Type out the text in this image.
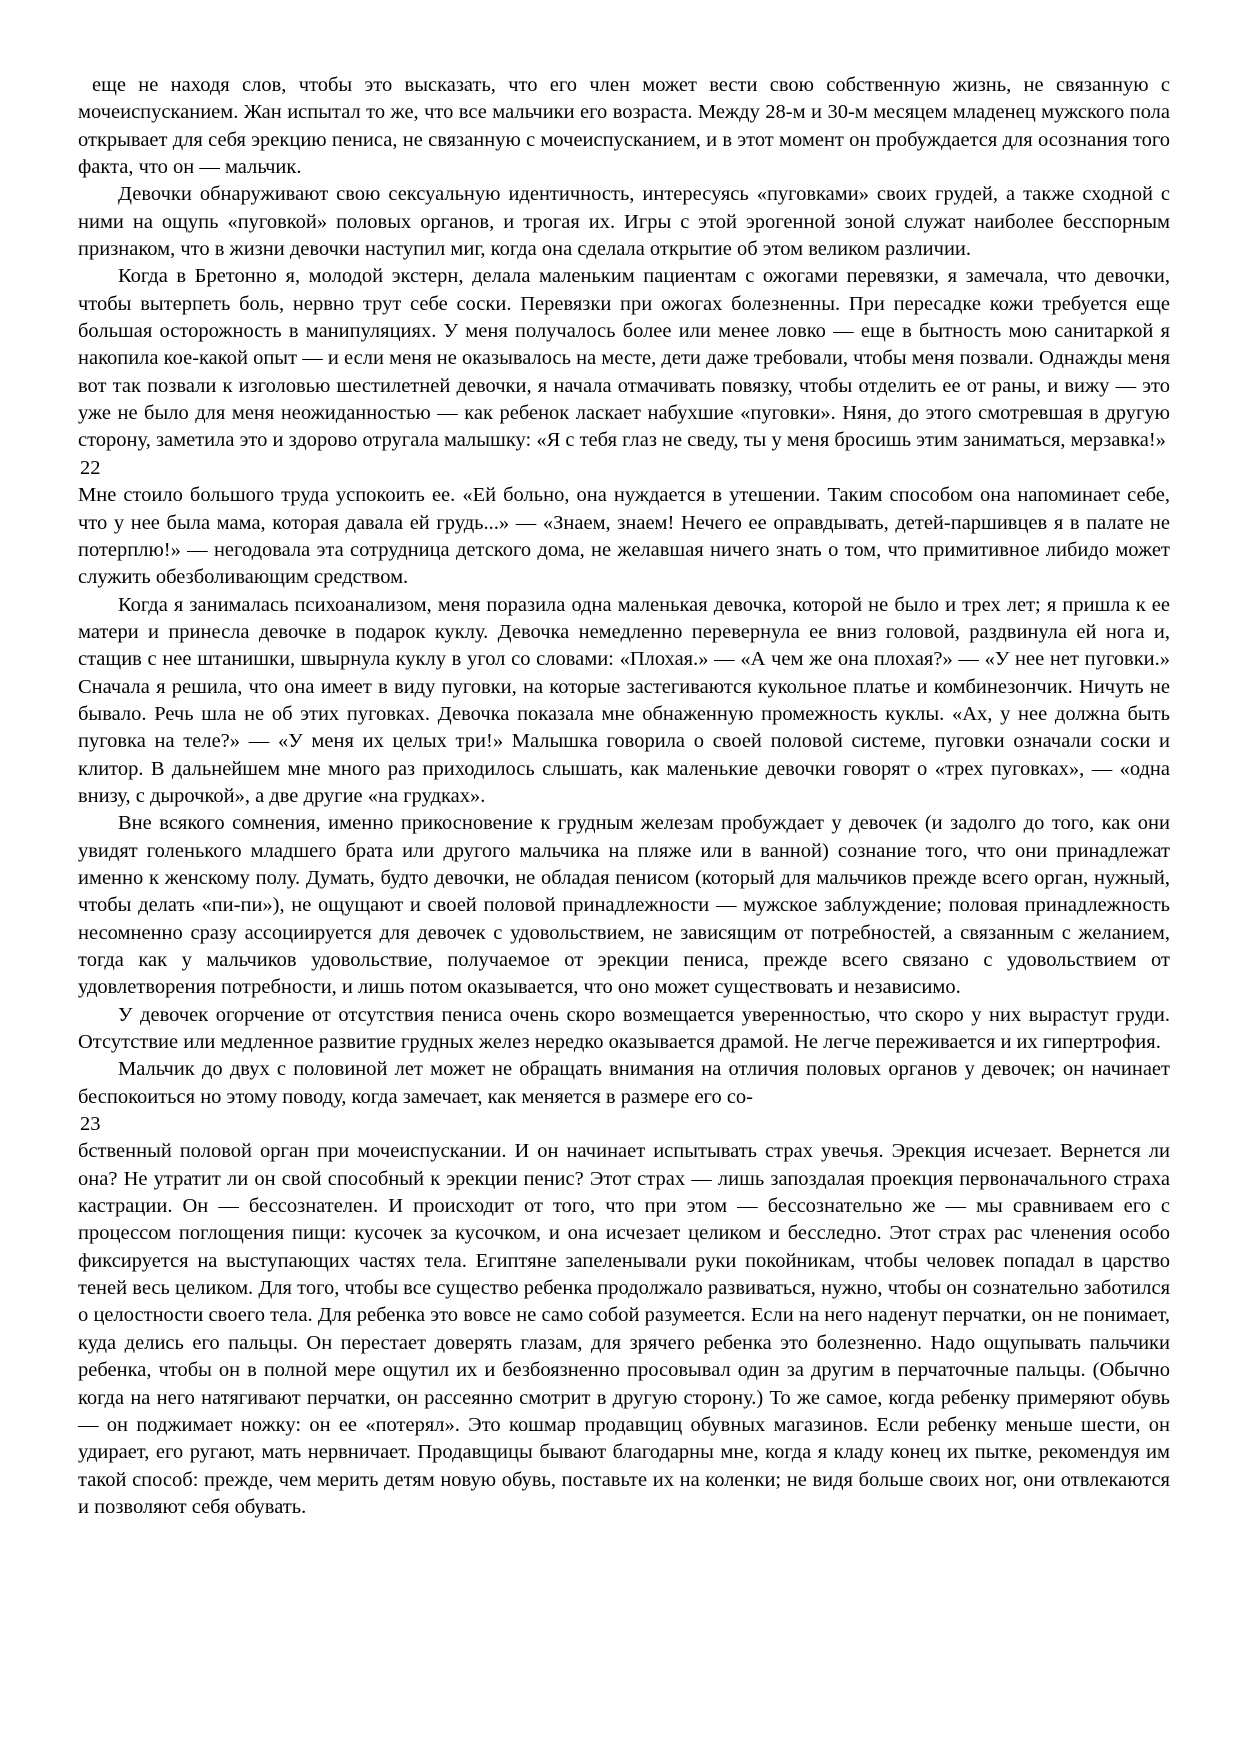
еще не находя слов, чтобы это высказать, что его член может вести свою собственную жизнь, не связанную с мочеиспусканием. Жан испытал то же, что все мальчики его возраста. Между 28-м и 30-м месяцем младенец мужского пола открывает для себя эрекцию пениса, не связанную с мочеиспусканием, и в этот момент он пробуждается для осознания того факта, что он — мальчик.

Девочки обнаруживают свою сексуальную идентичность, интересуясь «пуговками» своих грудей, а также сходной с ними на ощупь «пуговкой» половых органов, и трогая их. Игры с этой эрогенной зоной служат наиболее бесспорным признаком, что в жизни девочки наступил миг, когда она сделала открытие об этом великом различии.

Когда в Бретонно я, молодой экстерн, делала маленьким пациентам с ожогами перевязки, я замечала, что девочки, чтобы вытерпеть боль, нервно трут себе соски. Перевязки при ожогах болезненны. При пересадке кожи требуется еще большая осторожность в манипуляциях. У меня получалось более или менее ловко — еще в бытность мою санитаркой я накопила кое-какой опыт — и если меня не оказывалось на месте, дети даже требовали, чтобы меня позвали. Однажды меня вот так позвали к изголовью шестилетней девочки, я начала отмачивать повязку, чтобы отделить ее от раны, и вижу — это уже не было для меня неожиданностью — как ребенок ласкает набухшие «пуговки». Няня, до этого смотревшая в другую сторону, заметила это и здорово отругала малышку: «Я с тебя глаз не сведу, ты у меня бросишь этим заниматься, мерзавка!»

22

Мне стоило большого труда успокоить ее. «Ей больно, она нуждается в утешении. Таким способом она напоминает себе, что у нее была мама, которая давала ей грудь...» — «Знаем, знаем! Нечего ее оправдывать, детей-паршивцев я в палате не потерплю!» — негодовала эта сотрудница детского дома, не желавшая ничего знать о том, что примитивное либидо может служить обезболивающим средством.

Когда я занималась психоанализом, меня поразила одна маленькая девочка, которой не было и трех лет; я пришла к ее матери и принесла девочке в подарок куклу. Девочка немедленно перевернула ее вниз головой, раздвинула ей нога и, стащив с нее штанишки, швырнула куклу в угол со словами: «Плохая.» — «А чем же она плохая?» — «У нее нет пуговки.» Сначала я решила, что она имеет в виду пуговки, на которые застегиваются кукольное платье и комбинезончик. Ничуть не бывало. Речь шла не об этих пуговках. Девочка показала мне обнаженную промежность куклы. «Ах, у нее должна быть пуговка на теле?» — «У меня их целых три!» Малышка говорила о своей половой системе, пуговки означали соски и клитор. В дальнейшем мне много раз приходилось слышать, как маленькие девочки говорят о «трех пуговках», — «одна внизу, с дырочкой», а две другие «на грудках».

Вне всякого сомнения, именно прикосновение к грудным железам пробуждает у девочек (и задолго до того, как они увидят голенького младшего брата или другого мальчика на пляже или в ванной) сознание того, что они принадлежат именно к женскому полу. Думать, будто девочки, не обладая пенисом (который для мальчиков прежде всего орган, нужный, чтобы делать «пи-пи»), не ощущают и своей половой принадлежности — мужское заблуждение; половая принадлежность несомненно сразу ассоциируется для девочек с удовольствием, не зависящим от потребностей, а связанным с желанием, тогда как у мальчиков удовольствие, получаемое от эрекции пениса, прежде всего связано с удовольствием от удовлетворения потребности, и лишь потом оказывается, что оно может существовать и независимо.

У девочек огорчение от отсутствия пениса очень скоро возмещается уверенностью, что скоро у них вырастут груди. Отсутствие или медленное развитие грудных желез нередко оказывается драмой. Не легче переживается и их гипертрофия.

Мальчик до двух с половиной лет может не обращать внимания на отличия половых органов у девочек; он начинает беспокоиться но этому поводу, когда замечает, как меняется в размере его со-

23

бственный половой орган при мочеиспускании. И он начинает испытывать страх увечья. Эрекция исчезает. Вернется ли она? Не утратит ли он свой способный к эрекции пенис? Этот страх — лишь запоздалая проекция первоначального страха кастрации. Он — бессознателен. И происходит от того, что при этом — бессознательно же — мы сравниваем его с процессом поглощения пищи: кусочек за кусочком, и она исчезает целиком и бесследно. Этот страх рас членения особо фиксируется на выступающих частях тела. Египтяне запеленывали руки покойникам, чтобы человек попадал в царство теней весь целиком. Для того, чтобы все существо ребенка продолжало развиваться, нужно, чтобы он сознательно заботился о целостности своего тела. Для ребенка это вовсе не само собой разумеется. Если на него наденут перчатки, он не понимает, куда делись его пальцы. Он перестает доверять глазам, для зрячего ребенка это болезненно. Надо ощупывать пальчики ребенка, чтобы он в полной мере ощутил их и безбоязненно просовывал один за другим в перчаточные пальцы. (Обычно когда на него натягивают перчатки, он рассеянно смотрит в другую сторону.) То же самое, когда ребенку примеряют обувь — он поджимает ножку: он ее «потерял». Это кошмар продавщиц обувных магазинов. Если ребенку меньше шести, он удирает, его ругают, мать нервничает. Продавщицы бывают благодарны мне, когда я кладу конец их пытке, рекомендуя им такой способ: прежде, чем мерить детям новую обувь, поставьте их на коленки; не видя больше своих ног, они отвлекаются и позволяют себя обувать.
